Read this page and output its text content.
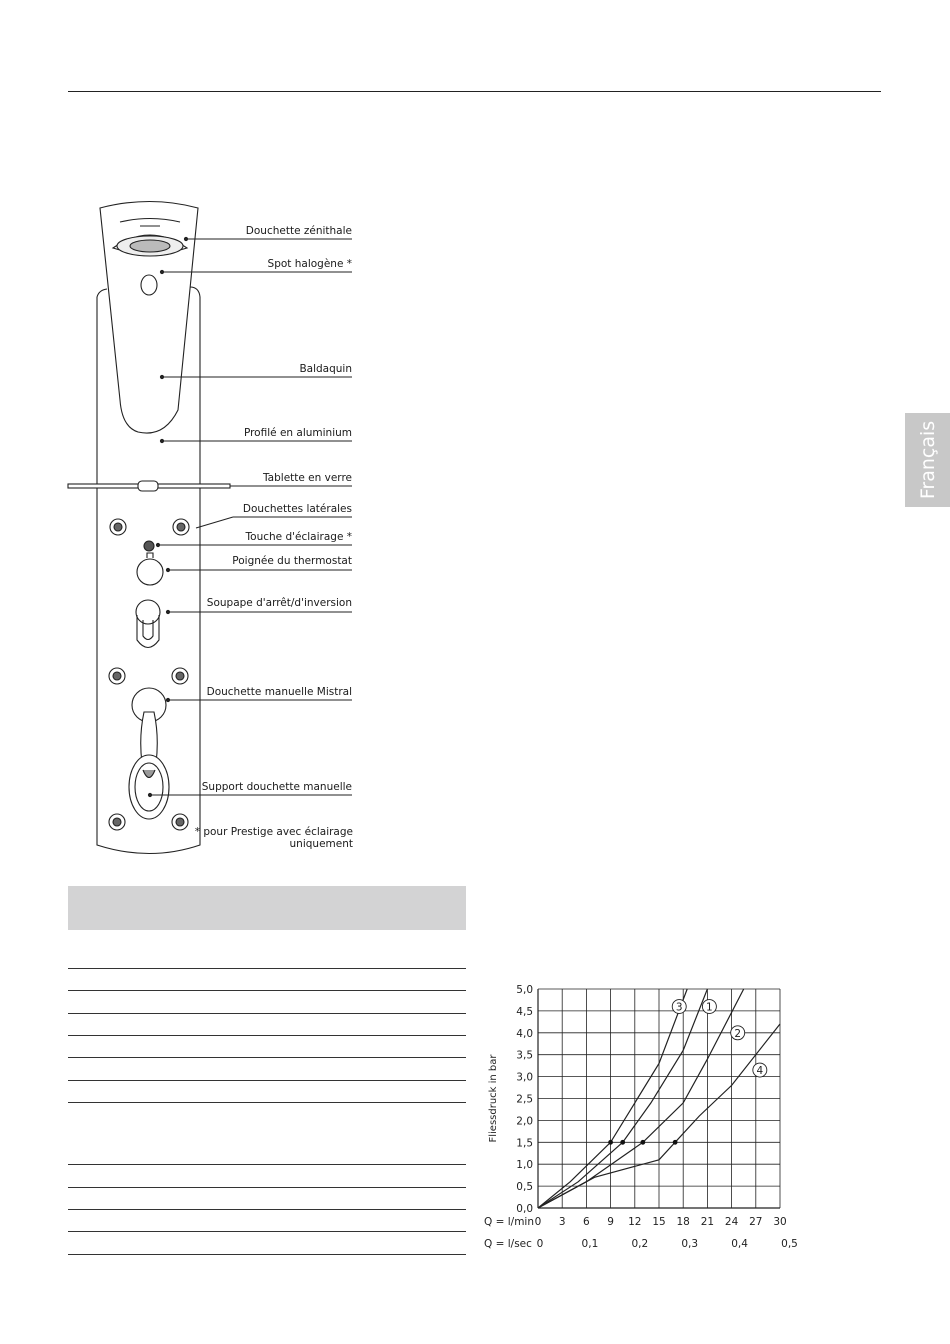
Français
Douchette zénithale
Spot halogène *
Baldaquin
Profilé en aluminium
Tablette en verre
Douchettes latérales
Touche d'éclairage *
Poignée du thermostat
Soupape d'arrêt/d'inversion
Douchette manuelle Mistral
Support douchette manuelle
* pour Prestige avec éclairage
uniquement
5,0
4,5
4,0
3,5
3,0
2,5
2,0
1,5
1,0
0,5
0,0
Fliessdruck in bar
Q = l/min 0 3 6 9 12 15 18 21 24 27 30
Q = l/sec 0	0,1	0,2	0,3	0,4	0,5
3 1
2
4
